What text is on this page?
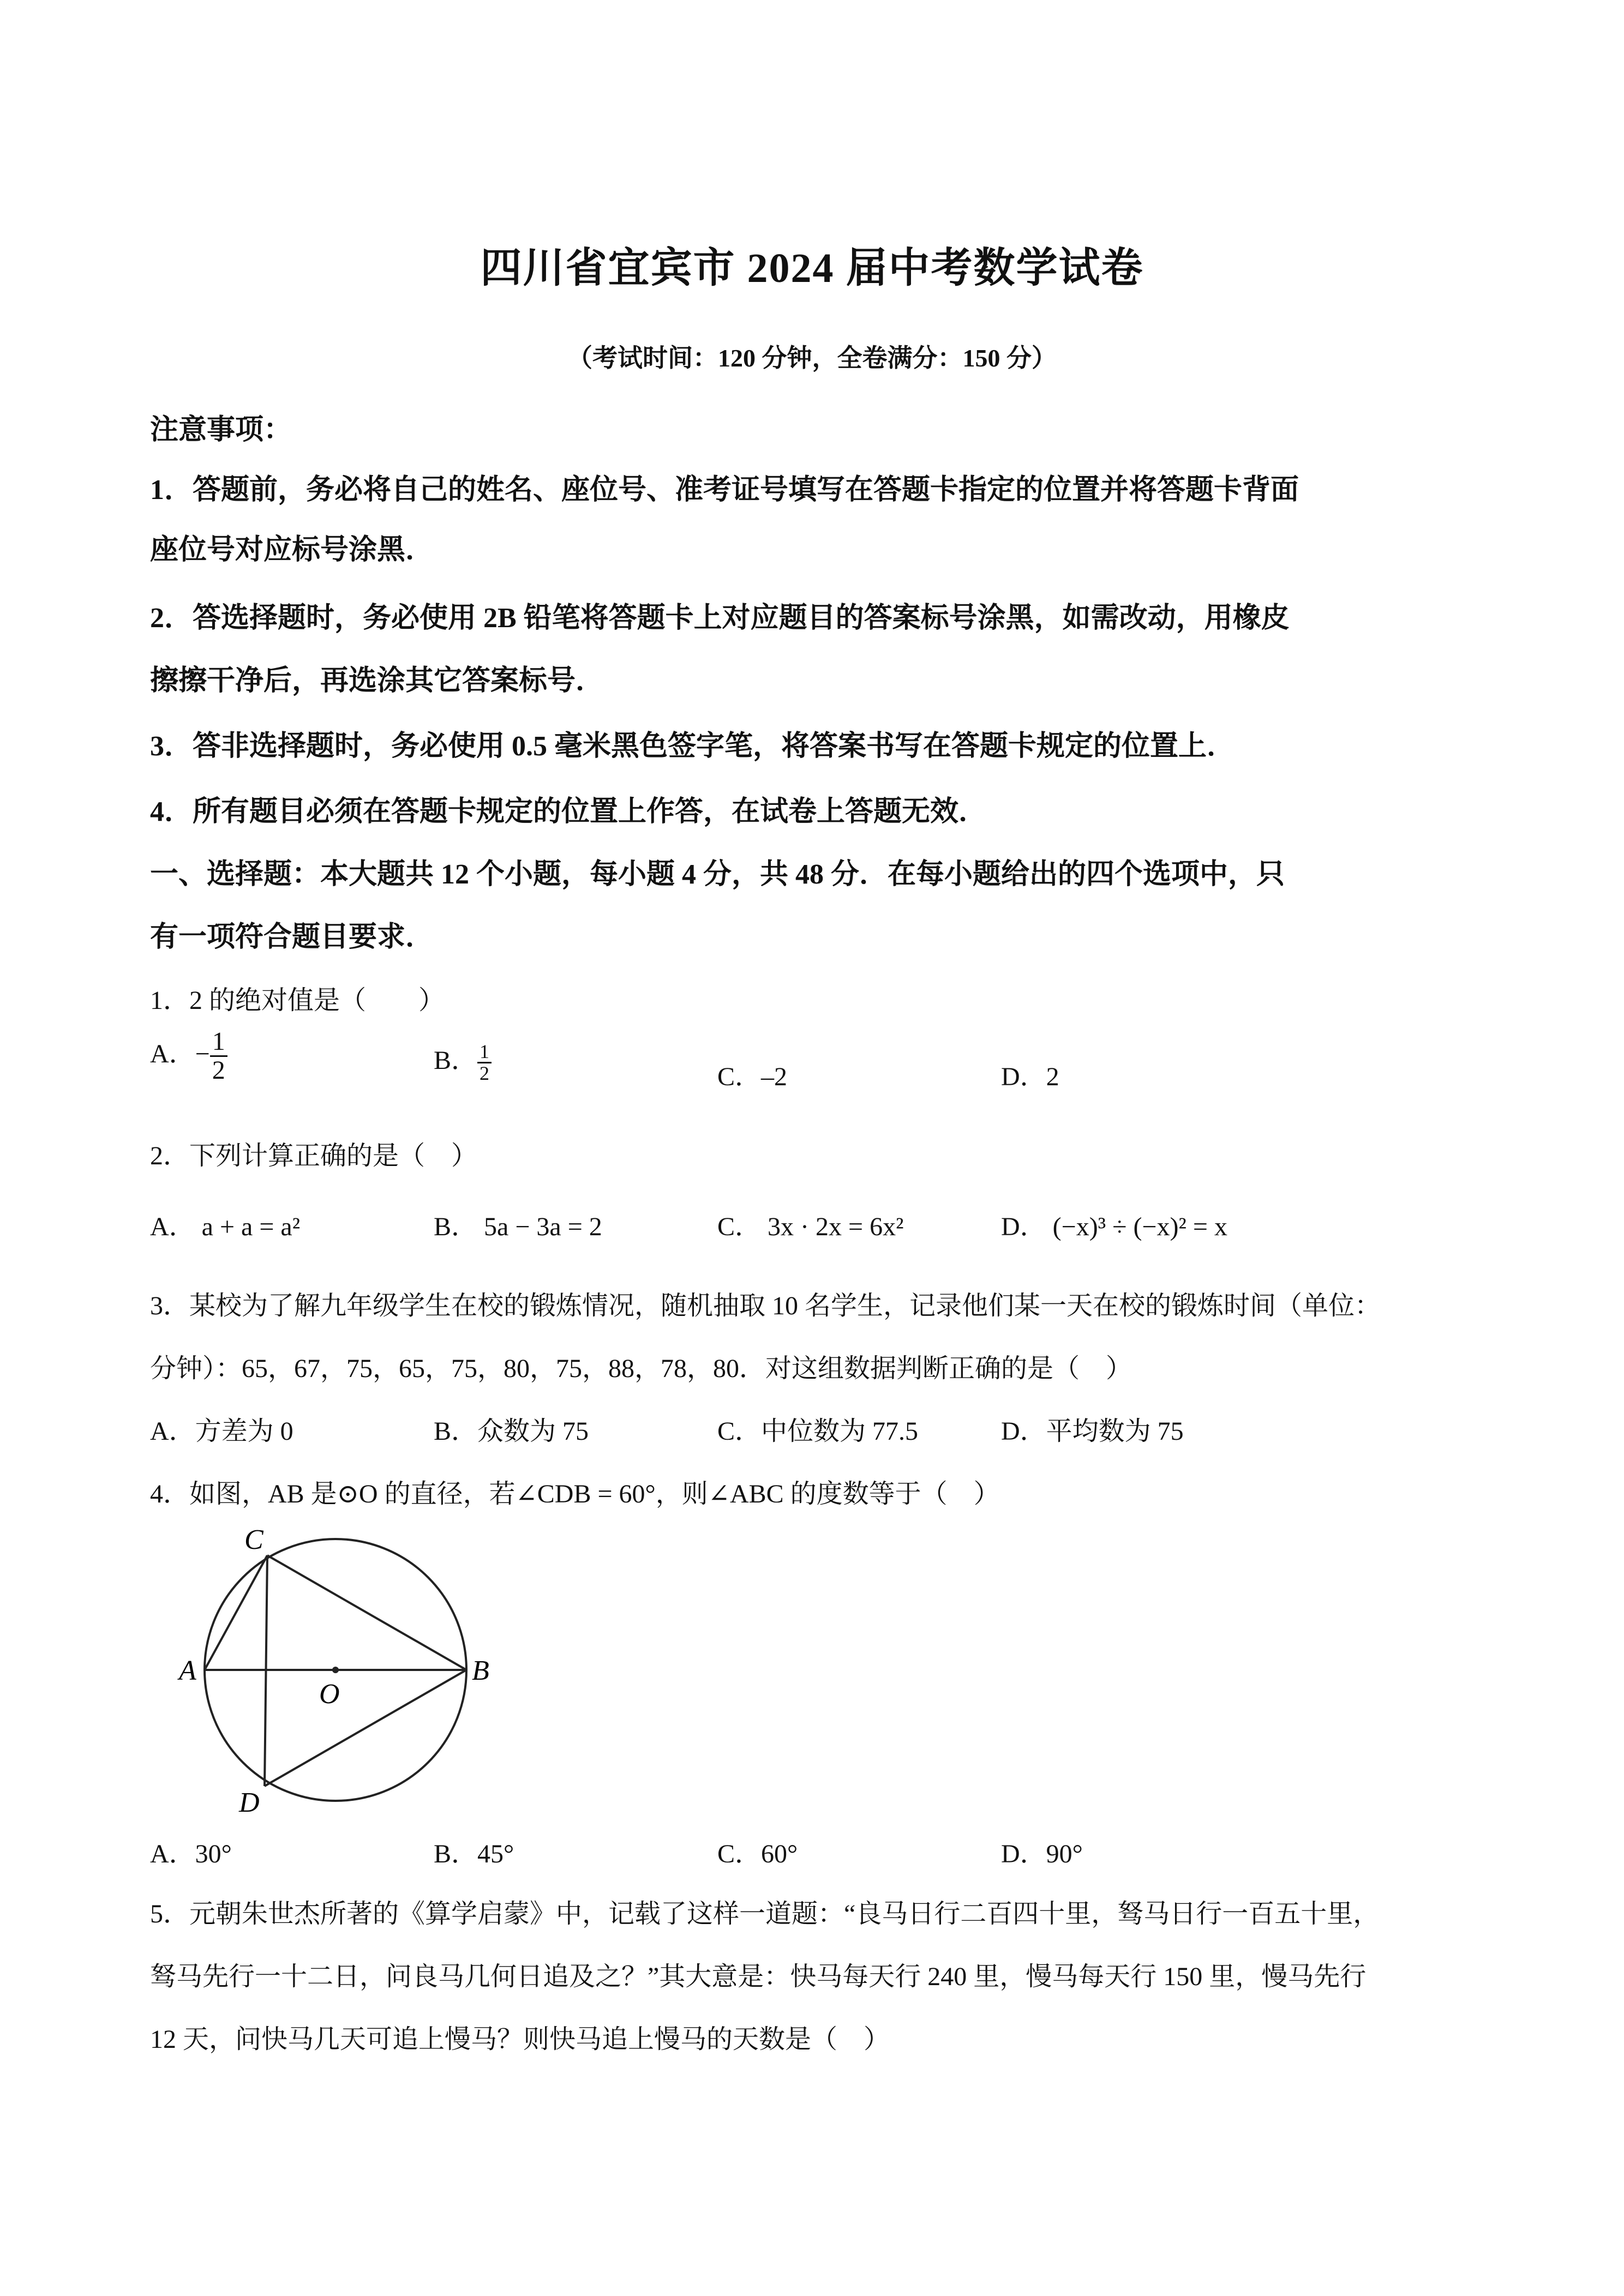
四川省宜宾市 2024 届中考数学试卷
（考试时间：120 分钟，全卷满分：150 分）
注意事项：
1．答题前，务必将自己的姓名、座位号、准考证号填写在答题卡指定的位置并将答题卡背面
座位号对应标号涂黑．
2．答选择题时，务必使用 2B 铅笔将答题卡上对应题目的答案标号涂黑，如需改动，用橡皮
擦擦干净后，再选涂其它答案标号．
3．答非选择题时，务必使用 0.5 毫米黑色签字笔，将答案书写在答题卡规定的位置上．
4．所有题目必须在答题卡规定的位置上作答，在试卷上答题无效．
一、选择题：本大题共 12 个小题，每小题 4 分，共 48 分．在每小题给出的四个选项中，只
有一项符合题目要求．
1．2 的绝对值是（　　）
A．− $\frac{1}{2}$	B． $\frac{1}{2}$	C．–2	D．2
2．下列计算正确的是（　）
A． a + a = a²	B． 5a − 3a = 2	C． 3x · 2x = 6x²	D． (−x)³ ÷ (−x)² = x
3．某校为了解九年级学生在校的锻炼情况，随机抽取 10 名学生，记录他们某一天在校的锻炼时间（单位：
分钟）：65，67，75，65，75，80，75，88，78，80．对这组数据判断正确的是（　）
A．方差为 0	B．众数为 75	C．中位数为 77.5	D．平均数为 75
4．如图，AB 是⊙O 的直径，若∠CDB = 60°，则∠ABC 的度数等于（　）
A	B
C
D
O
A．30°	B．45°	C．60°	D．90°
5．元朝朱世杰所著的《算学启蒙》中，记载了这样一道题：“良马日行二百四十里，驽马日行一百五十里，
驽马先行一十二日，问良马几何日追及之？”其大意是：快马每天行 240 里，慢马每天行 150 里，慢马先行
12 天，问快马几天可追上慢马？则快马追上慢马的天数是（　）
